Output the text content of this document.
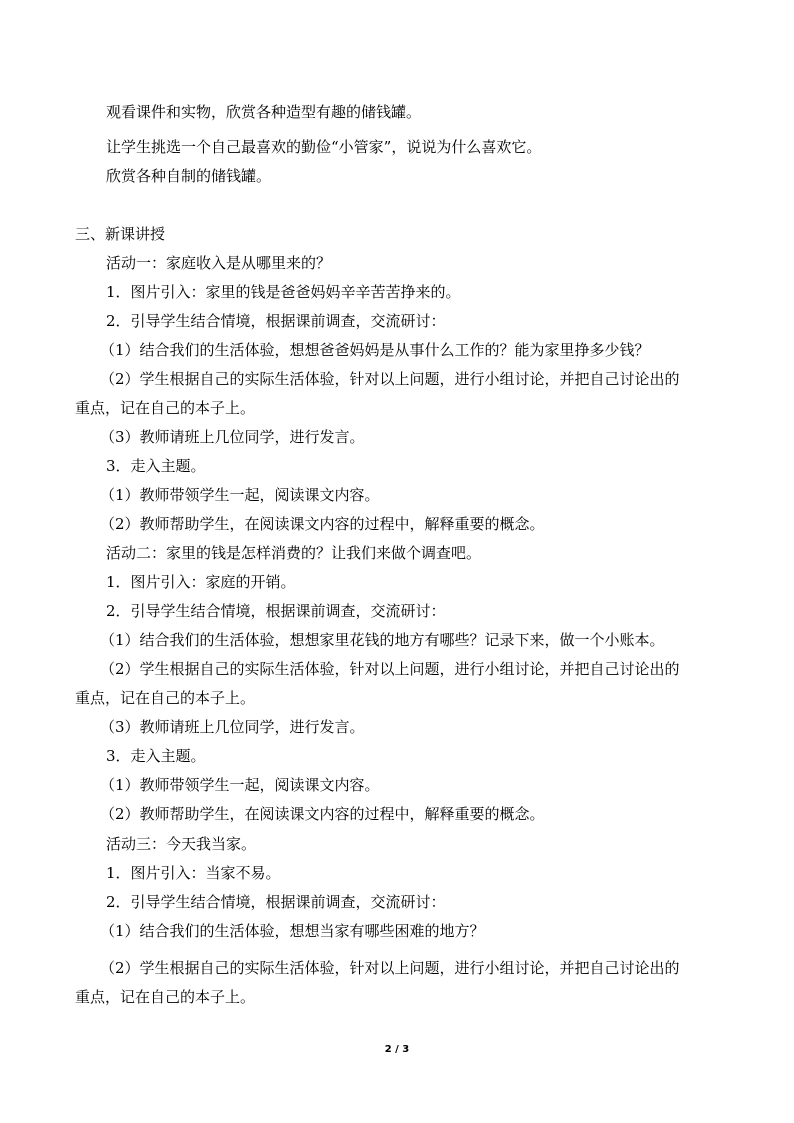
观看课件和实物，欣赏各种造型有趣的储钱罐。
让学生挑选一个自己最喜欢的勤俭“小管家”，说说为什么喜欢它。
欣赏各种自制的储钱罐。
三、新课讲授
活动一：家庭收入是从哪里来的？
1．图片引入：家里的钱是爸爸妈妈辛辛苦苦挣来的。
2．引导学生结合情境，根据课前调查，交流研讨：
（1）结合我们的生活体验，想想爸爸妈妈是从事什么工作的？能为家里挣多少钱？
（2）学生根据自己的实际生活体验，针对以上问题，进行小组讨论，并把自己讨论出的
重点，记在自己的本子上。
（3）教师请班上几位同学，进行发言。
3．走入主题。
（1）教师带领学生一起，阅读课文内容。
（2）教师帮助学生，在阅读课文内容的过程中，解释重要的概念。
活动二：家里的钱是怎样消费的？让我们来做个调查吧。
1．图片引入：家庭的开销。
2．引导学生结合情境，根据课前调查，交流研讨：
（1）结合我们的生活体验，想想家里花钱的地方有哪些？记录下来，做一个小账本。
（2）学生根据自己的实际生活体验，针对以上问题，进行小组讨论，并把自己讨论出的
重点，记在自己的本子上。
（3）教师请班上几位同学，进行发言。
3．走入主题。
（1）教师带领学生一起，阅读课文内容。
（2）教师帮助学生，在阅读课文内容的过程中，解释重要的概念。
活动三：今天我当家。
1．图片引入：当家不易。
2．引导学生结合情境，根据课前调查，交流研讨：
（1）结合我们的生活体验，想想当家有哪些困难的地方？
（2）学生根据自己的实际生活体验，针对以上问题，进行小组讨论，并把自己讨论出的
重点，记在自己的本子上。
2 / 3
